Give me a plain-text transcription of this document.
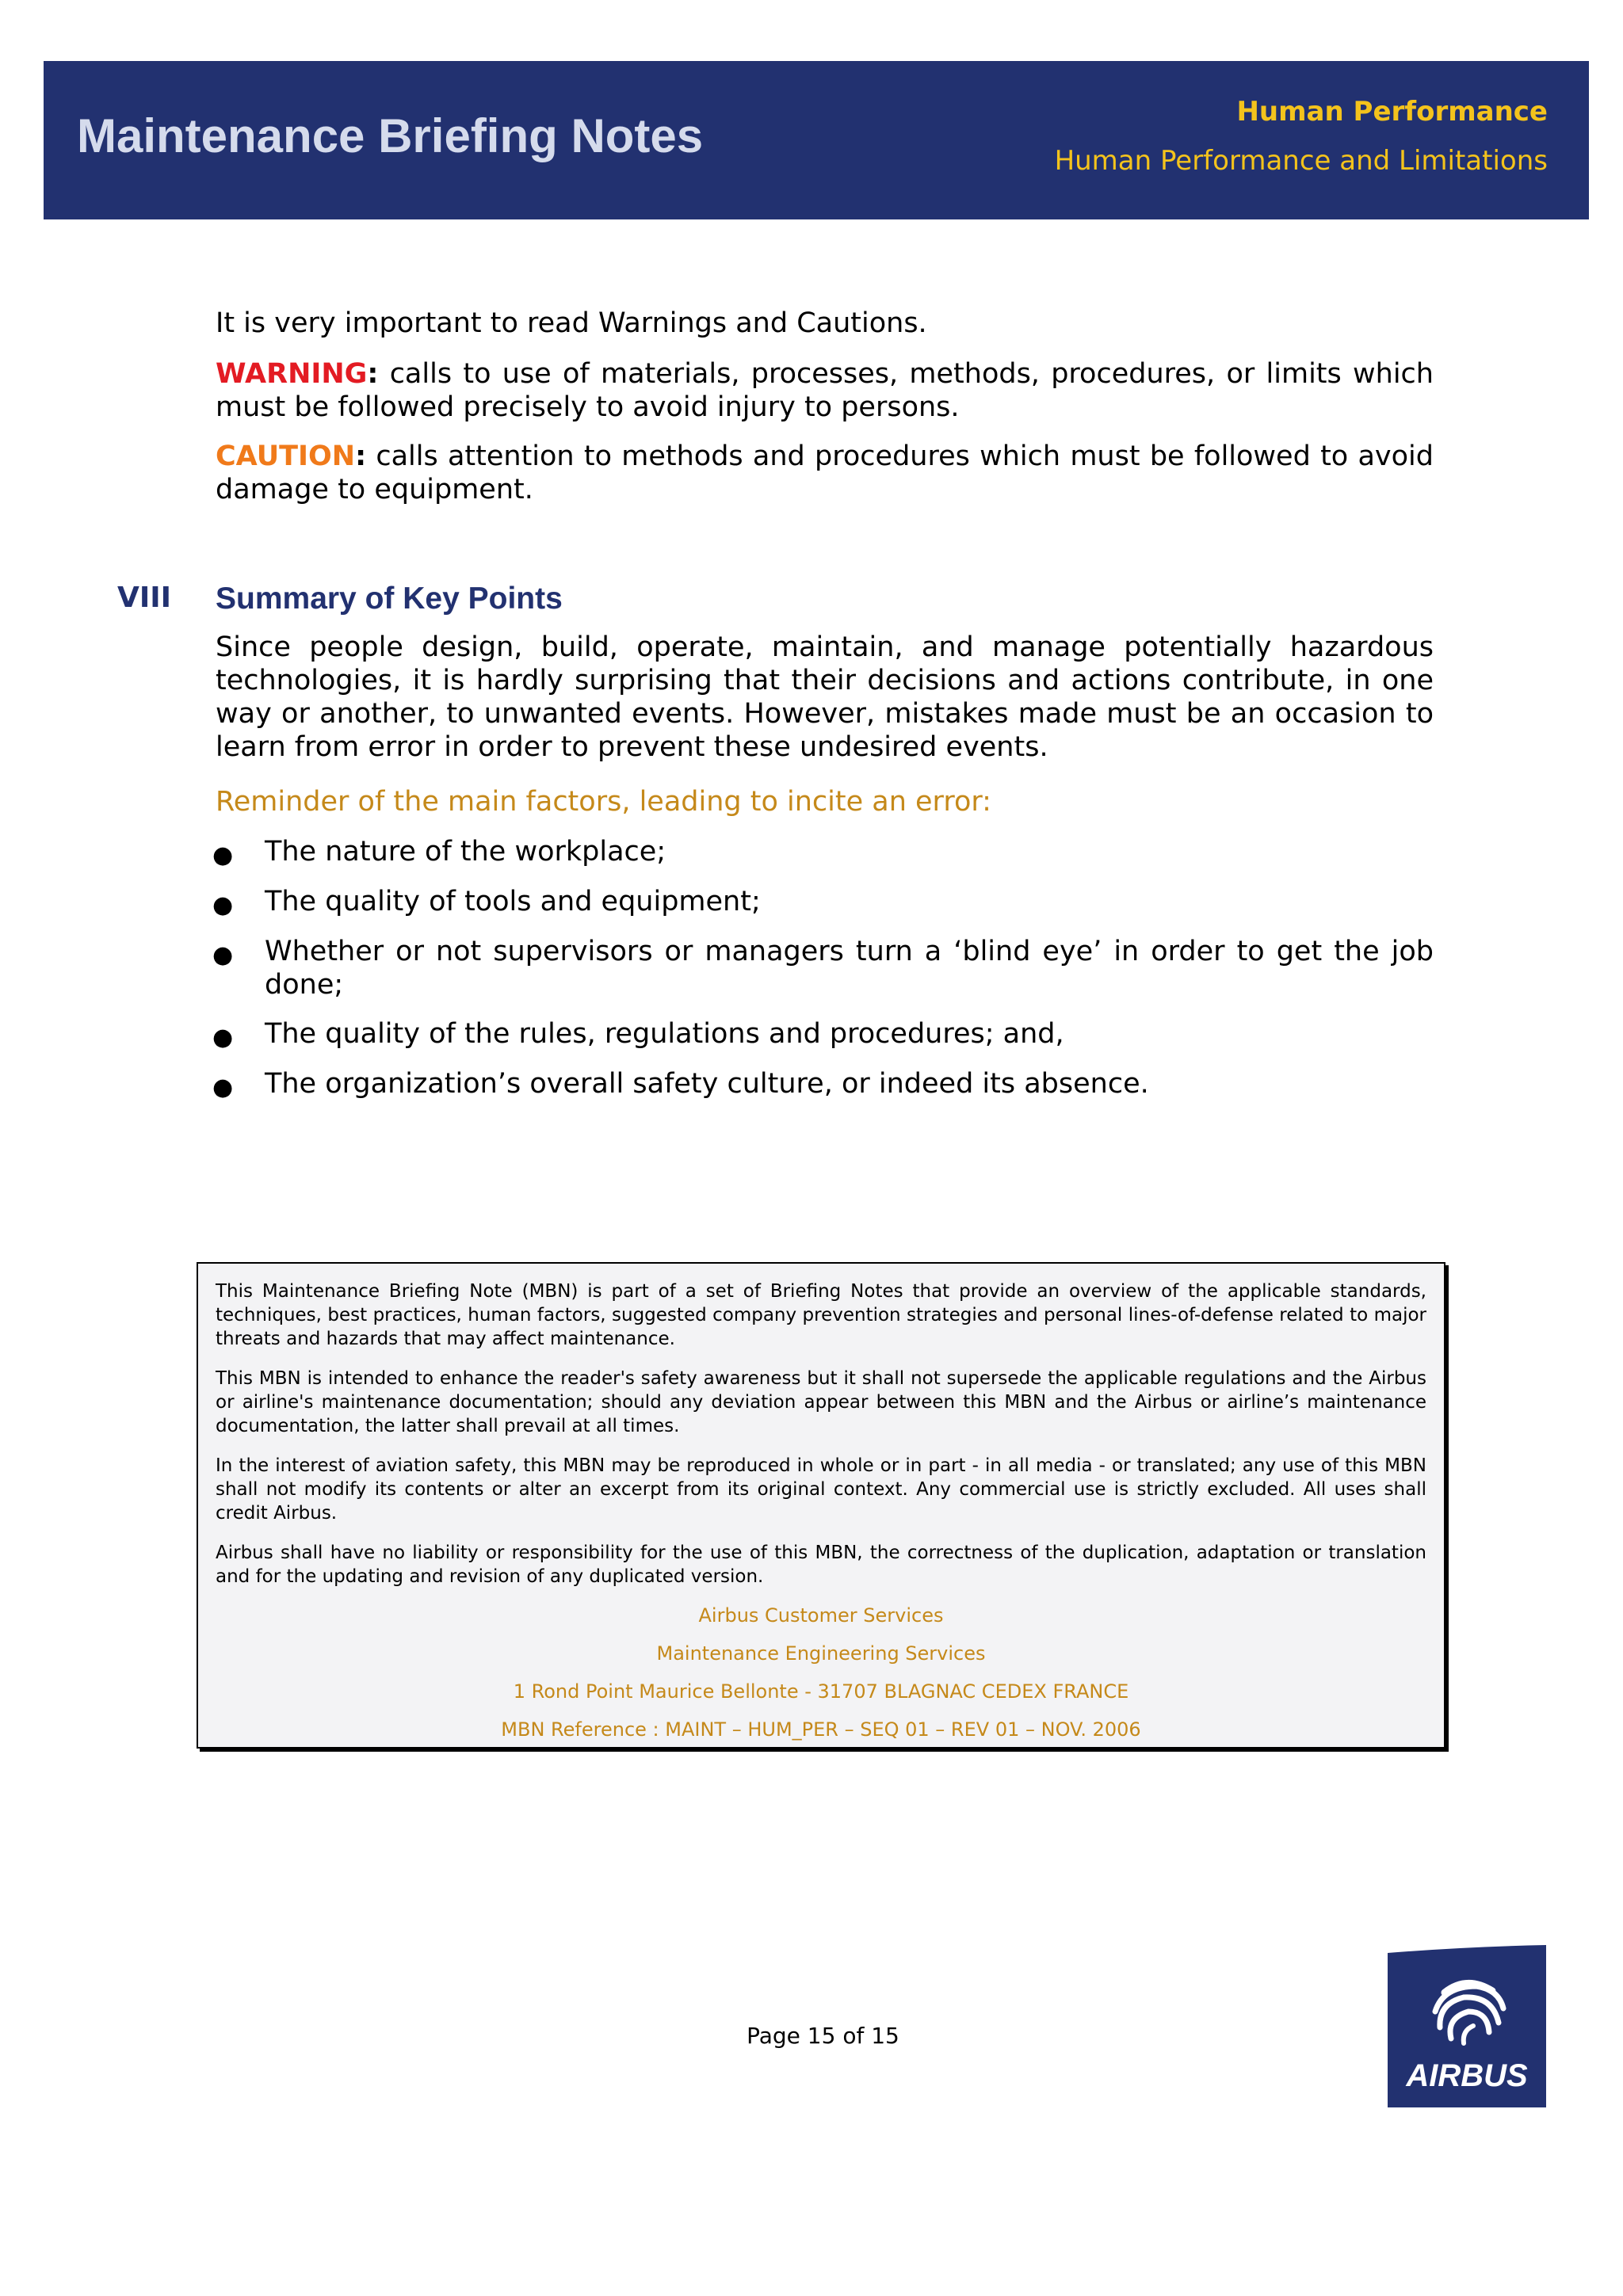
Maintenance Briefing Notes	Human Performance
Human Performance and Limitations
It is very important to read Warnings and Cautions.
WARNING: calls to use of materials, processes, methods, procedures, or limits which must be followed precisely to avoid injury to persons.
CAUTION: calls attention to methods and procedures which must be followed to avoid damage to equipment.
VIII Summary of Key Points
Since people design, build, operate, maintain, and manage potentially hazardous technologies, it is hardly surprising that their decisions and actions contribute, in one way or another, to unwanted events. However, mistakes made must be an occasion to learn from error in order to prevent these undesired events.
Reminder of the main factors, leading to incite an error:
● The nature of the workplace;
● The quality of tools and equipment;
● Whether or not supervisors or managers turn a ‘blind eye’ in order to get the job done;
● The quality of the rules, regulations and procedures; and,
● The organization’s overall safety culture, or indeed its absence.

This Maintenance Briefing Note (MBN) is part of a set of Briefing Notes that provide an overview of the applicable standards, techniques, best practices, human factors, suggested company prevention strategies and personal lines-of-defense related to major threats and hazards that may affect maintenance.

This MBN is intended to enhance the reader's safety awareness but it shall not supersede the applicable regulations and the Airbus or airline's maintenance documentation; should any deviation appear between this MBN and the Airbus or airline’s maintenance documentation, the latter shall prevail at all times.

In the interest of aviation safety, this MBN may be reproduced in whole or in part - in all media - or translated; any use of this MBN shall not modify its contents or alter an excerpt from its original context. Any commercial use is strictly excluded. All uses shall credit Airbus.

Airbus shall have no liability or responsibility for the use of this MBN, the correctness of the duplication, adaptation or translation and for the updating and revision of any duplicated version.

Airbus Customer Services

Maintenance Engineering Services

1 Rond Point Maurice Bellonte - 31707 BLAGNAC CEDEX FRANCE

MBN Reference : MAINT – HUM_PER – SEQ 01 – REV 01 – NOV. 2006

Page 15 of 15
AIRBUS
